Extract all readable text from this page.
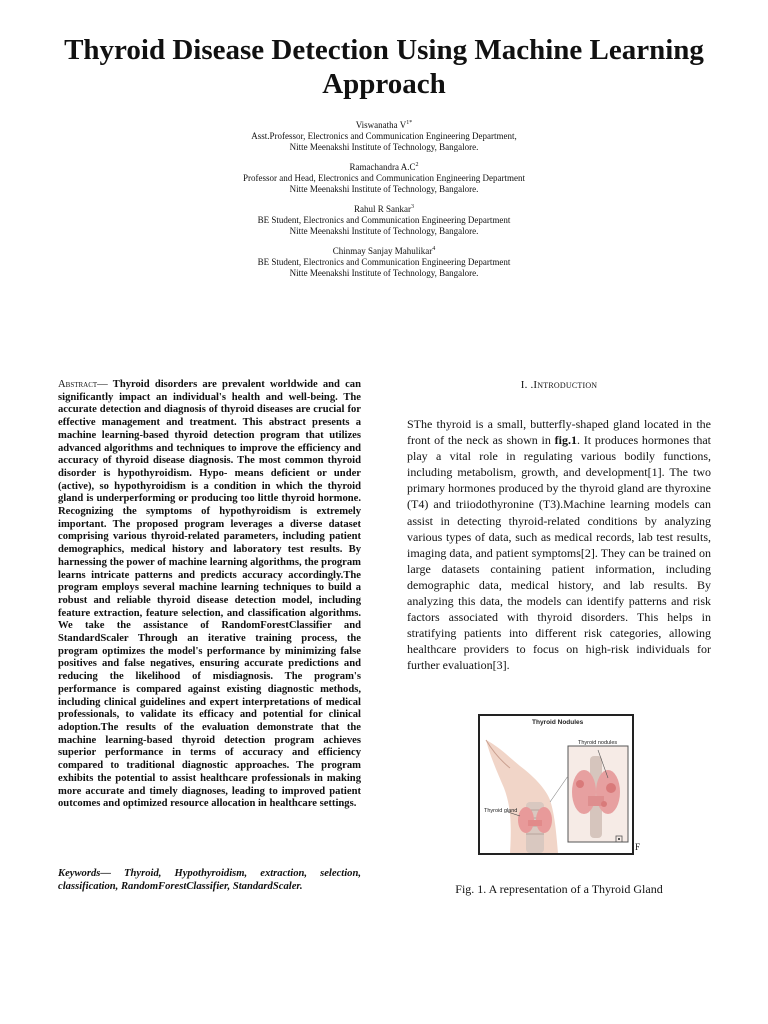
Thyroid Disease Detection Using Machine Learning Approach
Viswanatha $V^{1*}$
Asst.Professor, Electronics and Communication Engineering Department,
Nitte Meenakshi Institute of Technology, Bangalore.
Ramachandra $A.C^2$
Professor and Head, Electronics and Communication Engineering Department
Nitte Meenakshi Institute of Technology, Bangalore.
Rahul R Sankar$^3$
BE Student, Electronics and Communication Engineering Department
Nitte Meenakshi Institute of Technology, Bangalore.
Chinmay Sanjay Mahulikar$^4$
BE Student, Electronics and Communication Engineering Department
Nitte Meenakshi Institute of Technology, Bangalore.

Abstract— Thyroid disorders are prevalent worldwide and can significantly impact an individual's health and well-being. The accurate detection and diagnosis of thyroid diseases are crucial for effective management and treatment. This abstract presents a machine learning-based thyroid detection program that utilizes advanced algorithms and techniques to improve the efficiency and accuracy of thyroid disease diagnosis. The most common thyroid disorder is hypothyroidism. Hypo- means deficient or under (active), so hypothyroidism is a condition in which the thyroid gland is underperforming or producing too little thyroid hormone. Recognizing the symptoms of hypothyroidism is extremely important. The proposed program leverages a diverse dataset comprising various thyroid-related parameters, including patient demographics, medical history and laboratory test results. By harnessing the power of machine learning algorithms, the program learns intricate patterns and predicts accuracy accordingly.The program employs several machine learning techniques to build a robust and reliable thyroid disease detection model, including feature extraction, feature selection, and classification algorithms. We take the assistance of RandomForestClassifier and StandardScaler Through an iterative training process, the program optimizes the model's performance by minimizing false positives and false negatives, ensuring accurate predictions and reducing the likelihood of misdiagnosis. The program's performance is compared against existing diagnostic methods, including clinical guidelines and expert interpretations of medical professionals, to validate its efficacy and potential for clinical adoption.The results of the evaluation demonstrate that the machine learning-based thyroid detection program achieves superior performance in terms of accuracy and efficiency compared to traditional diagnostic approaches. The program exhibits the potential to assist healthcare professionals in making more accurate and timely diagnoses, leading to improved patient outcomes and optimized resource allocation in healthcare settings.

Keywords— Thyroid, Hypothyroidism, extraction, selection, classification, RandomForestClassifier, StandardScaler.

I. .Introduction

SThe thyroid is a small, butterfly-shaped gland located in the front of the neck as shown in fig.1. It produces hormones that play a vital role in regulating various bodily functions, including metabolism, growth, and development[1]. The two primary hormones produced by the thyroid gland are thyroxine (T4) and triiodothyronine (T3).Machine learning models can assist in detecting thyroid-related conditions by analyzing various types of data, such as medical records, lab test results, imaging data, and patient symptoms[2]. They can be trained on large datasets containing patient information, including demographic data, medical history, and lab results. By analyzing this data, the models can identify patterns and risk factors associated with thyroid disorders. This helps in stratifying patients into different risk categories, allowing healthcare providers to focus on high-risk individuals for further evaluation[3].

Thyroid Nodules
Thyroid nodules
Thyroid gland
F
Fig. 1. A representation of a Thyroid Gland
